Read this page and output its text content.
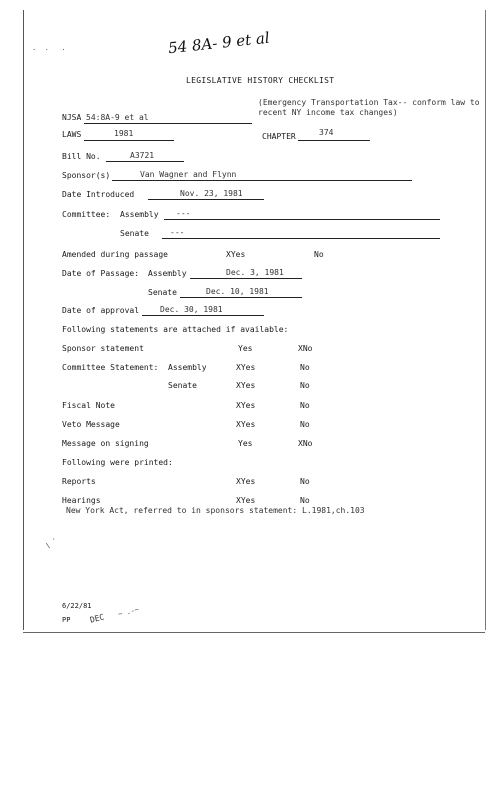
54 8A- 9 et al
.  .   .
LEGISLATIVE HISTORY CHECKLIST
NJSA 54:8A-9 et al
(Emergency Transportation Tax-- conform law to recent NY income tax changes)
LAWS	1981	CHAPTER	374
Bill No.	A3721
Sponsor(s)	Van Wagner and Flynn
Date Introduced	Nov. 23, 1981
Committee: Assembly ---
Senate	---
Amended during passage	XYes	No
Date of Passage: Assembly	Dec. 3, 1981
Senate	Dec. 10, 1981
Date of approval	Dec. 30, 1981
Following statements are attached if available:
Sponsor statement	Yes	XNo
Committee Statement: Assembly	XYes	No
Senate	XYes	No
Fiscal Note	XYes	No
Veto Message	XYes	No
Message on signing	Yes	XNo
Following were printed:
Reports	XYes	No
Hearings	XYes	No
New York Act, referred to in sponsors statement: L.1981,ch.103
/ .
6/22/81
PP DEC
~ .-~
